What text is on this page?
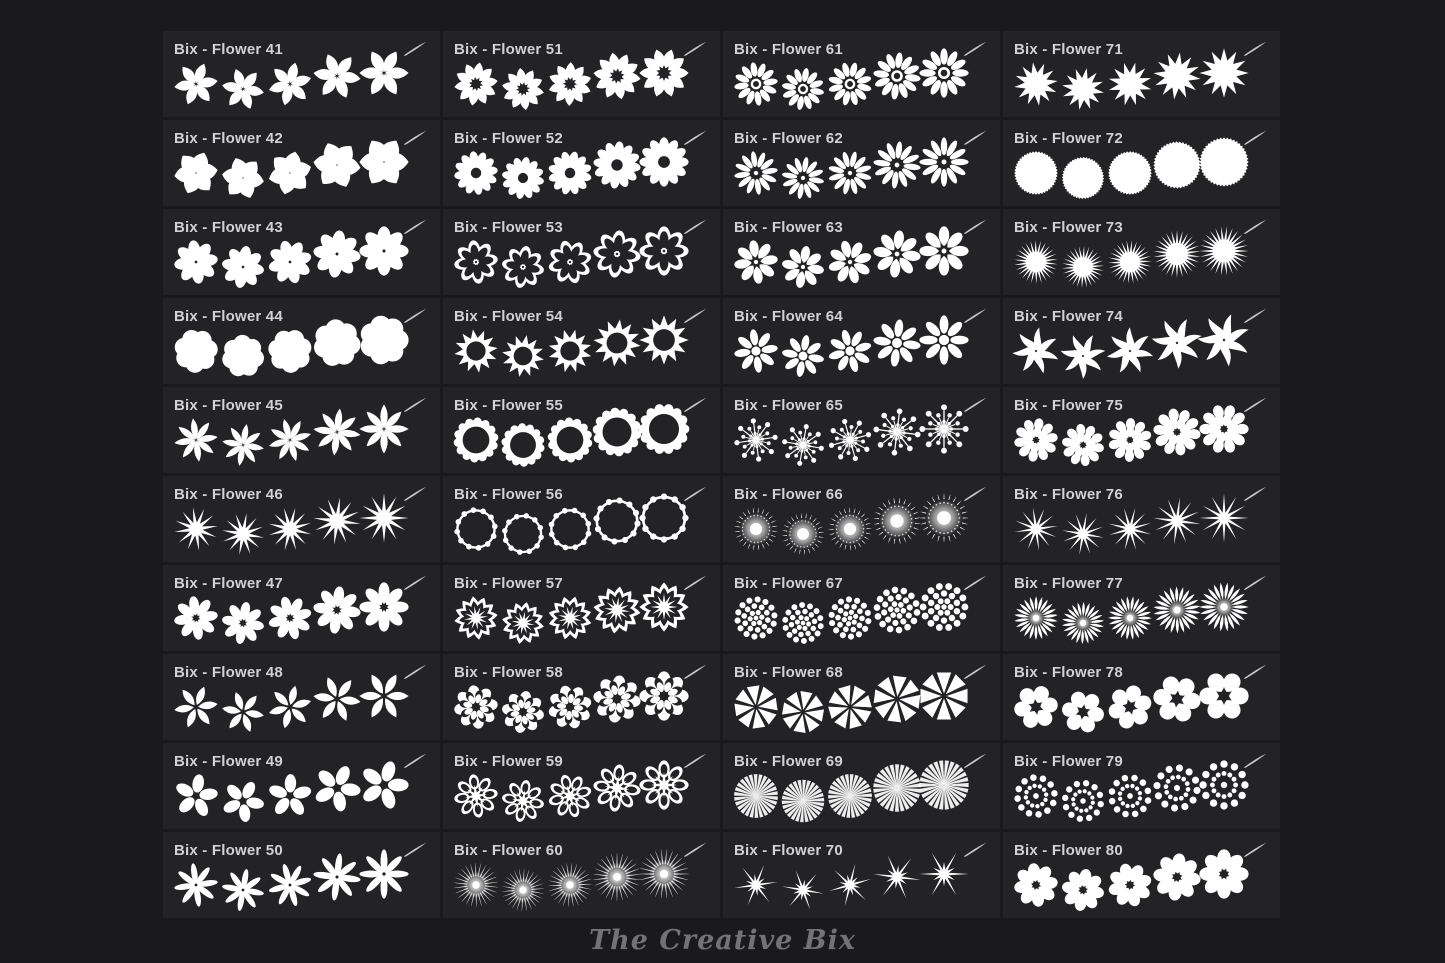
Bix - Flower 41
Bix - Flower 42
Bix - Flower 43
Bix - Flower 44
Bix - Flower 45
Bix - Flower 46
Bix - Flower 47
Bix - Flower 48
Bix - Flower 49
Bix - Flower 50
Bix - Flower 51
Bix - Flower 52
Bix - Flower 53
Bix - Flower 54
Bix - Flower 55
Bix - Flower 56
Bix - Flower 57
Bix - Flower 58
Bix - Flower 59
Bix - Flower 60
Bix - Flower 61
Bix - Flower 62
Bix - Flower 63
Bix - Flower 64
Bix - Flower 65
Bix - Flower 66
Bix - Flower 67
Bix - Flower 68
Bix - Flower 69
Bix - Flower 70
Bix - Flower 71
Bix - Flower 72
Bix - Flower 73
Bix - Flower 74
Bix - Flower 75
Bix - Flower 76
Bix - Flower 77
Bix - Flower 78
Bix - Flower 79
Bix - Flower 80
The Creative Bix
